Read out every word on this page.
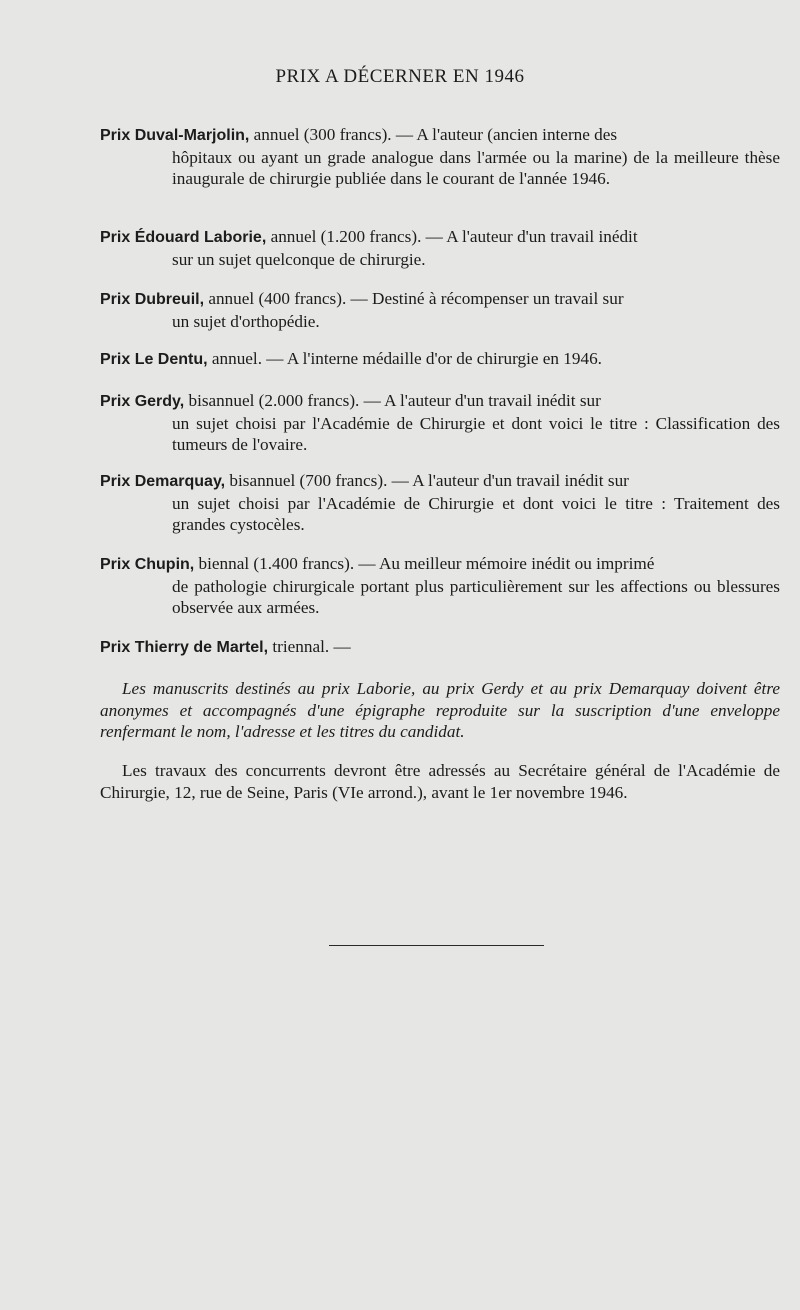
PRIX A DÉCERNER EN 1946
Prix Duval-Marjolin, annuel (300 francs). — A l'auteur (ancien interne des
hôpitaux ou ayant un grade analogue dans l'armée ou la marine) de la meilleure thèse inaugurale de chirurgie publiée dans le courant de l'année 1946.
Prix Édouard Laborie, annuel (1.200 francs). — A l'auteur d'un travail inédit
sur un sujet quelconque de chirurgie.
Prix Dubreuil, annuel (400 francs). — Destiné à récompenser un travail sur
un sujet d'orthopédie.
Prix Le Dentu, annuel. — A l'interne médaille d'or de chirurgie en 1946.
Prix Gerdy, bisannuel (2.000 francs). — A l'auteur d'un travail inédit sur
un sujet choisi par l'Académie de Chirurgie et dont voici le titre : Classification des tumeurs de l'ovaire.
Prix Demarquay, bisannuel (700 francs). — A l'auteur d'un travail inédit sur
un sujet choisi par l'Académie de Chirurgie et dont voici le titre : Traitement des grandes cystocèles.
Prix Chupin, biennal (1.400 francs). — Au meilleur mémoire inédit ou imprimé
de pathologie chirurgicale portant plus particulièrement sur les affections ou blessures observée aux armées.
Prix Thierry de Martel, triennal. —
Les manuscrits destinés au prix Laborie, au prix Gerdy et au prix Demarquay doivent être anonymes et accompagnés d'une épigraphe reproduite sur la suscription d'une enveloppe renfermant le nom, l'adresse et les titres du candidat.
Les travaux des concurrents devront être adressés au Secrétaire général de l'Académie de Chirurgie, 12, rue de Seine, Paris (VIe arrond.), avant le 1er novembre 1946.
